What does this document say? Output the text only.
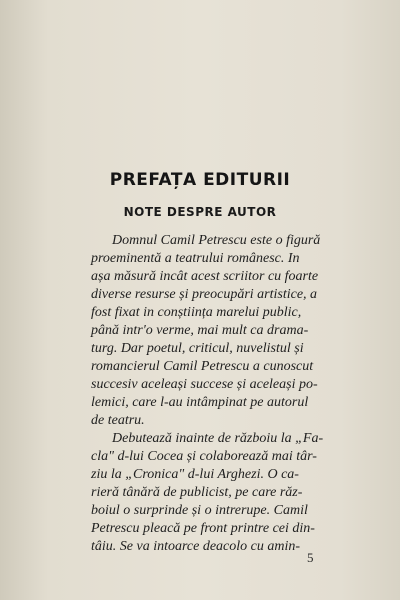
PREFAȚA EDITURII
NOTE DESPRE AUTOR
Domnul Camil Petrescu este o figură
proeminentă a teatrului românesc. In
așa măsură incât acest scriitor cu foarte
diverse resurse și preocupări artistice, a
fost fixat in conștiința marelui public,
până intr'o verme, mai mult ca drama-
turg. Dar poetul, criticul, nuvelistul și
romancierul Camil Petrescu a cunoscut
succesiv aceleași succese și aceleași po-
lemici, care l-au intâmpinat pe autorul
de teatru.
Debutează inainte de războiu la „Fa-
cla" d-lui Cocea și colaborează mai târ-
ziu la „Cronica" d-lui Arghezi. O ca-
rieră tânără de publicist, pe care răz-
boiul o surprinde și o intrerupe. Camil
Petrescu pleacă pe front printre cei din-
tâiu. Se va intoarce deacolo cu amin-
5
